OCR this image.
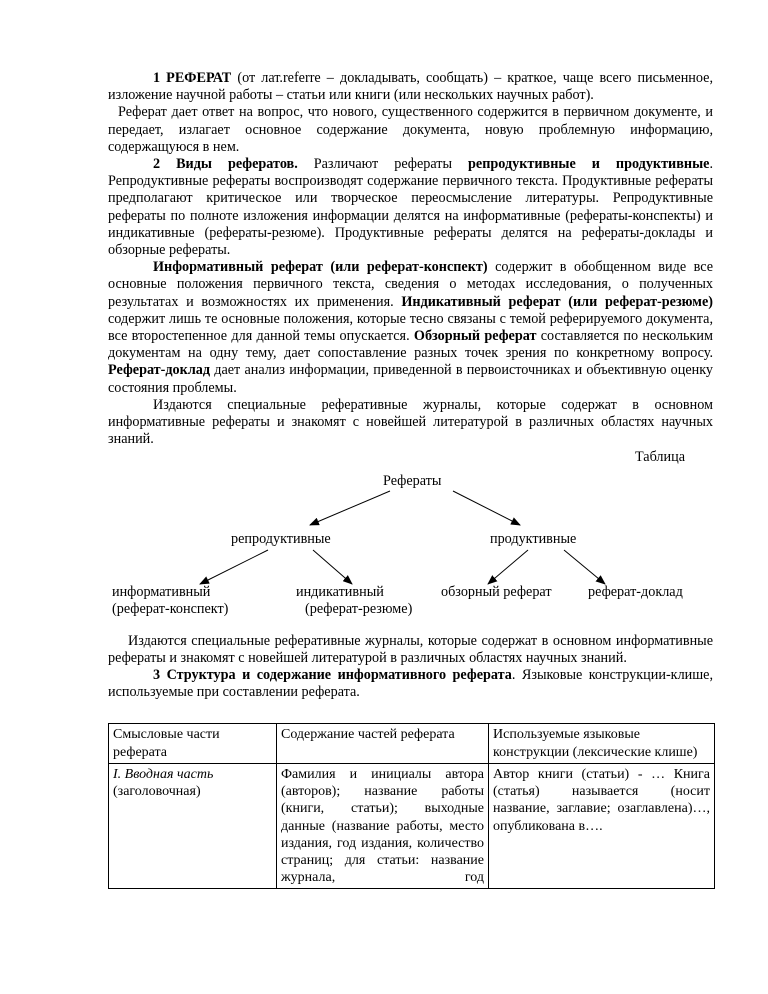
1 РЕФЕРАТ (от лат.referre – докладывать, сообщать) – краткое, чаще всего письменное, изложение научной работы – статьи или книги (или нескольких научных работ).

Реферат дает ответ на вопрос, что нового, существенного содержится в первичном документе, и передает, излагает основное содержание документа, новую проблемную информацию, содержащуюся в нем.

2 Виды рефератов. Различают рефераты репродуктивные и продуктивные. Репродуктивные рефераты воспроизводят содержание первичного текста. Продуктивные рефераты предполагают критическое или творческое переосмысление литературы. Репродуктивные рефераты по полноте изложения информации делятся на информативные (рефераты-конспекты) и индикативные (рефераты-резюме). Продуктивные рефераты делятся на рефераты-доклады и обзорные рефераты.

Информативный реферат (или реферат-конспект) содержит в обобщенном виде все основные положения первичного текста, сведения о методах исследования, о полученных результатах и возможностях их применения. Индикативный реферат (или реферат-резюме) содержит лишь те основные положения, которые тесно связаны с темой реферируемого документа, все второстепенное для данной темы опускается. Обзорный реферат составляется по нескольким документам на одну тему, дает сопоставление разных точек зрения по конкретному вопросу. Реферат-доклад дает анализ информации, приведенной в первоисточниках и объективную оценку состояния проблемы.

Издаются специальные реферативные журналы, которые содержат в основном информативные рефераты и знакомят с новейшей литературой в различных областях научных знаний.

Таблица

Рефераты
репродуктивные	продуктивные
информативный
(реферат-конспект)
индикативный
(реферат-резюме)
обзорный реферат	реферат-доклад

Издаются специальные реферативные журналы, которые содержат в основном информативные рефераты и знакомят с новейшей литературой в различных областях научных знаний.

3 Структура и содержание информативного реферата. Языковые конструкции-клише, используемые при составлении реферата.

Смысловые части реферата	Содержание частей реферата	Используемые языковые конструкции (лексические клише)

I. Вводная часть
(заголовочная)	Фамилия и инициалы автора (авторов); название работы (книги, статьи); выходные данные (название работы, место издания, год издания, количество страниц; для статьи: название журнала, год	Автор книги (статьи) - … Книга (статья) называется (носит название, заглавие; озаглавлена)…, опубликована в….
